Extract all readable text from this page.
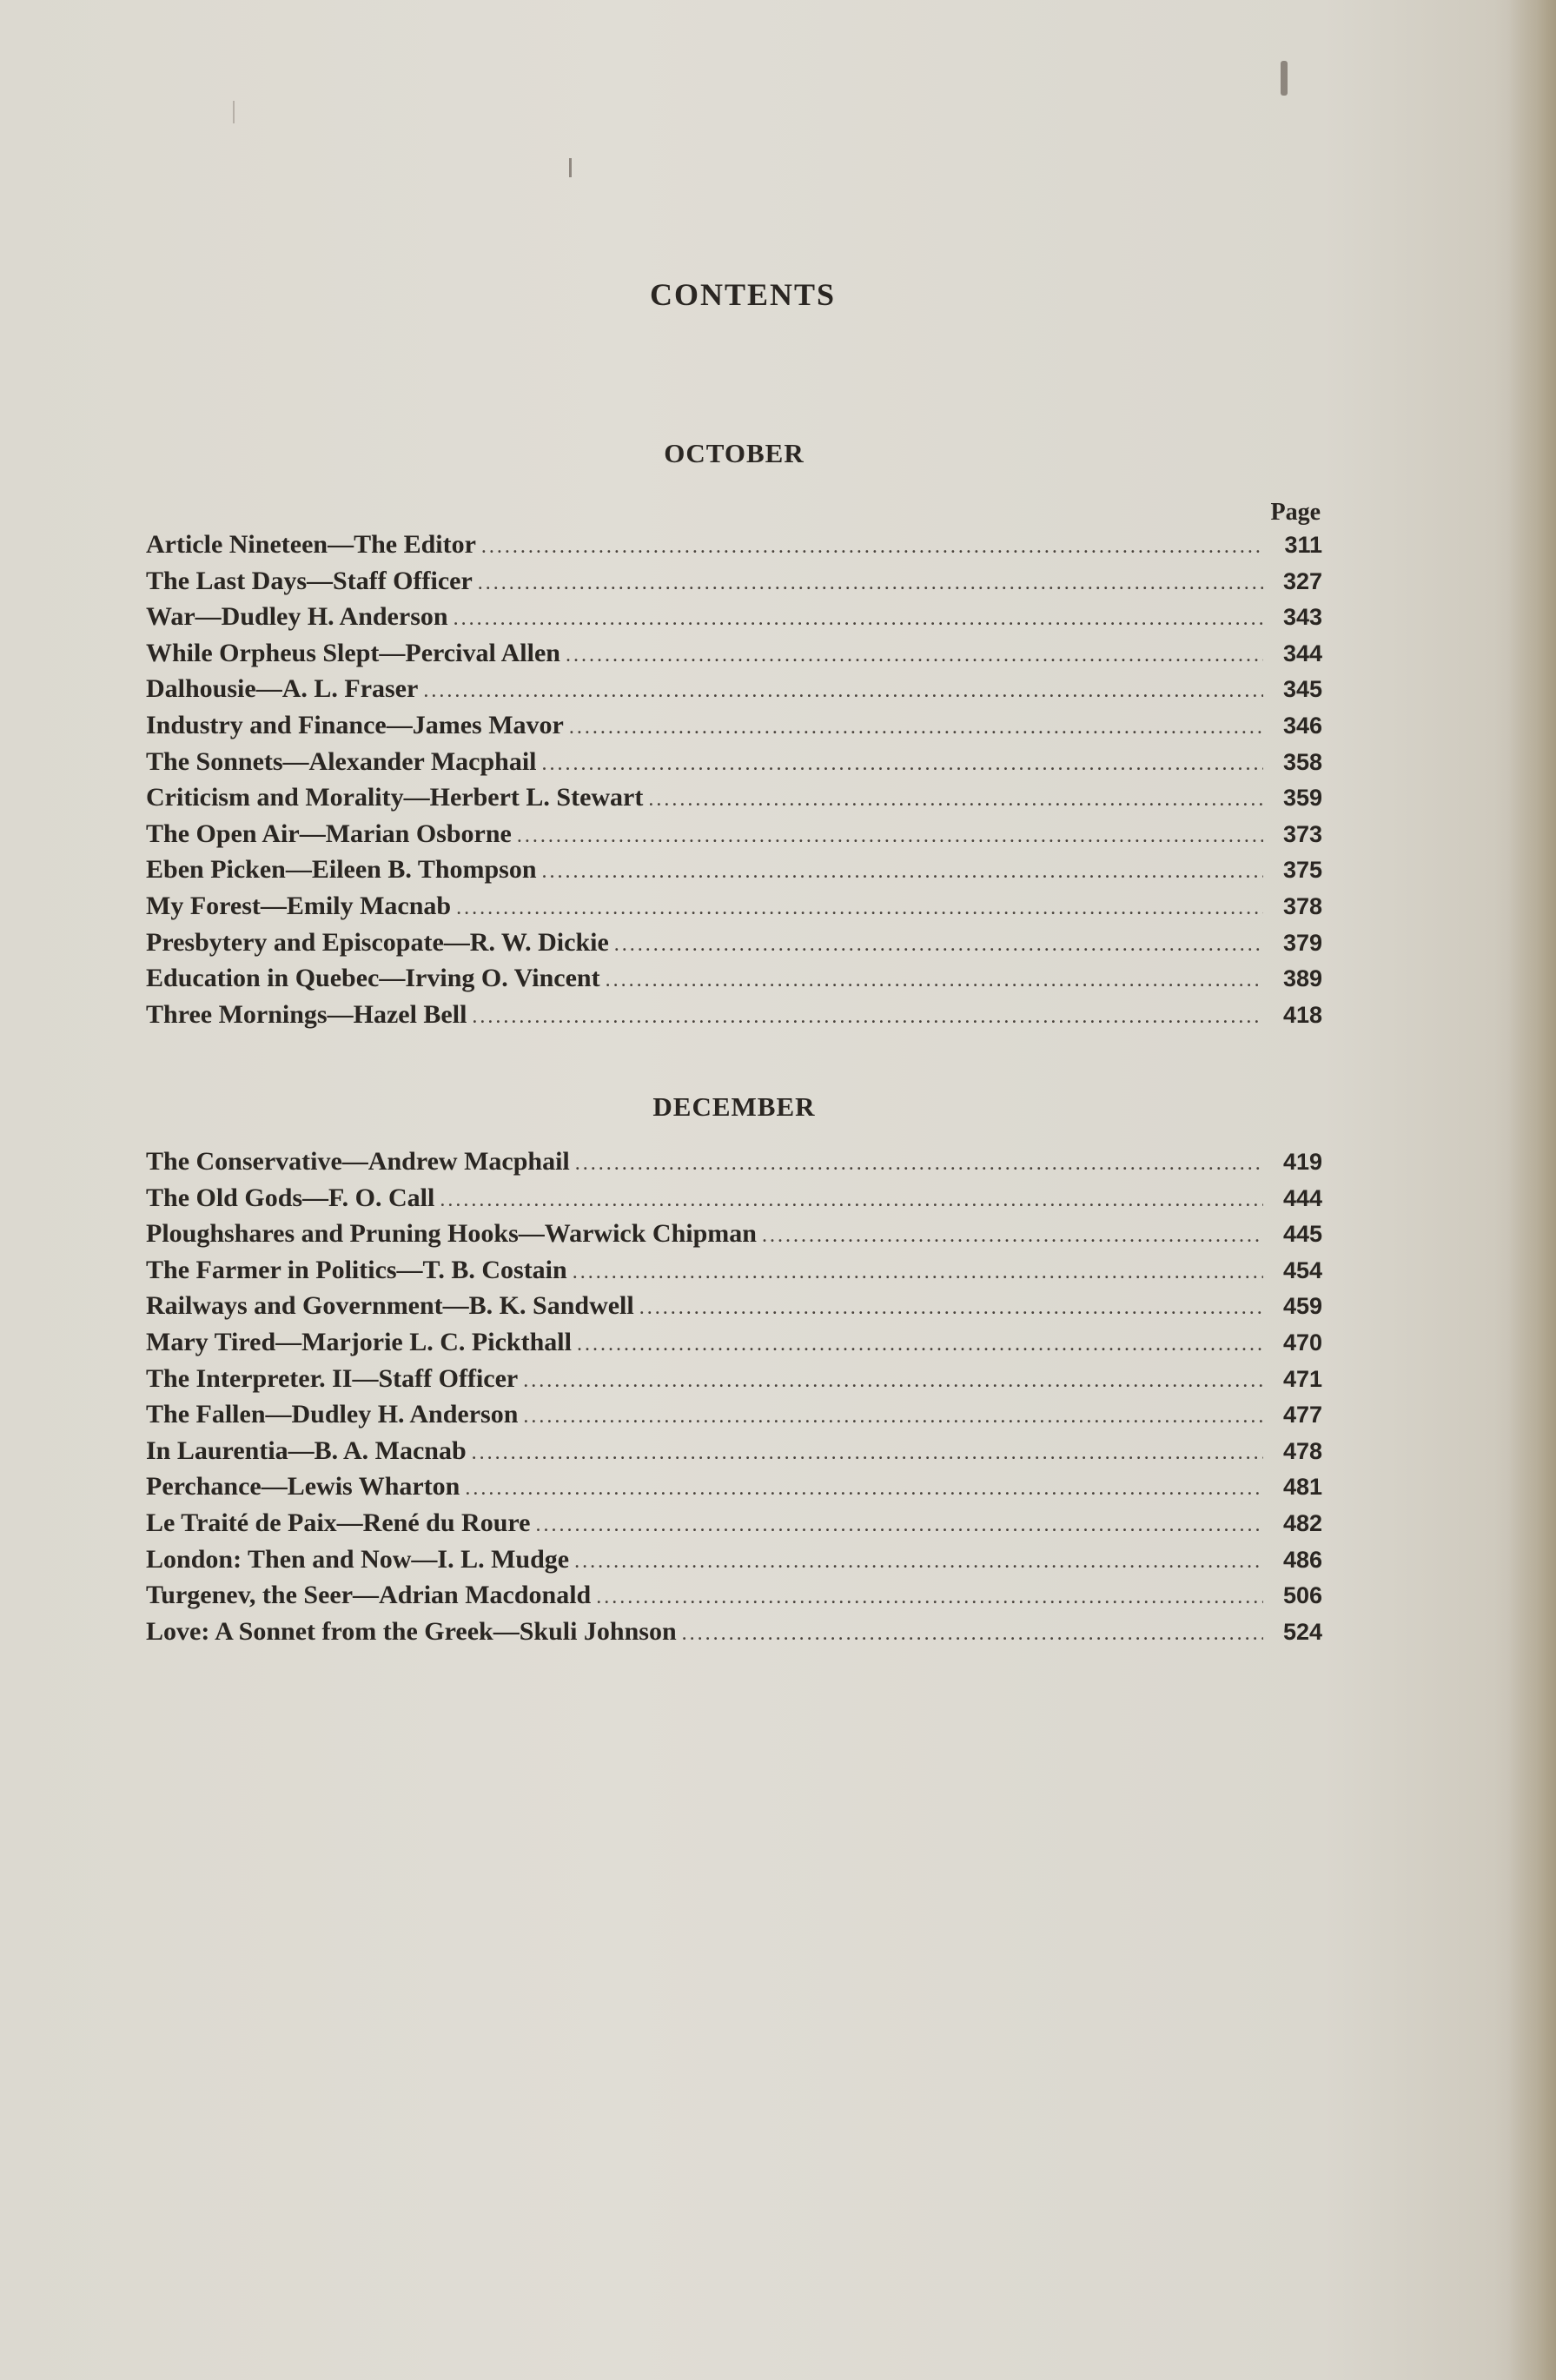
CONTENTS
OCTOBER
Page
Article Nineteen—The Editor .....	311
The Last Days—Staff Officer .....	327
War—Dudley H. Anderson .....	343
While Orpheus Slept—Percival Allen .....	344
Dalhousie—A. L. Fraser .....	345
Industry and Finance—James Mavor .....	346
The Sonnets—Alexander Macphail .....	358
Criticism and Morality—Herbert L. Stewart .....	359
The Open Air—Marian Osborne .....	373
Eben Picken—Eileen B. Thompson .....	375
My Forest—Emily Macnab .....	378
Presbytery and Episcopate—R. W. Dickie .....	379
Education in Quebec—Irving O. Vincent .....	389
Three Mornings—Hazel Bell .....	418
DECEMBER
The Conservative—Andrew Macphail .....	419
The Old Gods—F. O. Call .....	444
Ploughshares and Pruning Hooks—Warwick Chipman .....	445
The Farmer in Politics—T. B. Costain .....	454
Railways and Government—B. K. Sandwell .....	459
Mary Tired—Marjorie L. C. Pickthall .....	470
The Interpreter. II—Staff Officer .....	471
The Fallen—Dudley H. Anderson .....	477
In Laurentia—B. A. Macnab .....	478
Perchance—Lewis Wharton .....	481
Le Traité de Paix—René du Roure .....	482
London: Then and Now—I. L. Mudge .....	486
Turgenev, the Seer—Adrian Macdonald .....	506
Love: A Sonnet from the Greek—Skuli Johnson .....	524
